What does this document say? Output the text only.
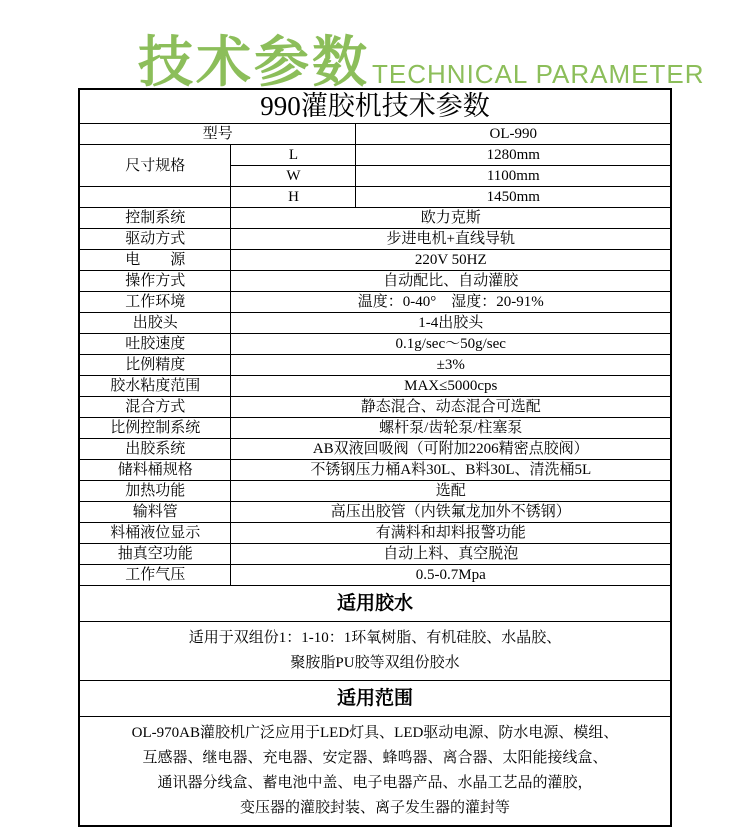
技术参数 TECHNICAL PARAMETER
990灌胶机技术参数		
型号		OL-990
尺寸规格	L	1280mm
	W	1100mm
	H	1450mm
控制系统	欧力克斯	
驱动方式	步进电机+直线导轨	
电　　源	220V 50HZ	
操作方式	自动配比、自动灌胶	
工作环境	温度：0-40°　湿度：20-91%	
出胶头	1-4出胶头	
吐胶速度	0.1g/sec～50g/sec	
比例精度	±3%	
胶水粘度范围	MAX≤5000cps	
混合方式	静态混合、动态混合可选配	
比例控制系统	螺杆泵/齿轮泵/柱塞泵	
出胶系统	AB双液回吸阀（可附加2206精密点胶阀）	
储料桶规格	不锈钢压力桶A料30L、B料30L、清洗桶5L	
加热功能	选配	
输料管	高压出胶管（内铁氟龙加外不锈钢）	
料桶液位显示	有满料和却料报警功能	
抽真空功能	自动上料、真空脱泡	
工作气压	0.5-0.7Mpa	
适用胶水		

适用于双组份1：1-10：1环氧树脂、有机硅胶、水晶胶、
聚胺脂PU胶等双组份胶水		

适用范围		

OL-970AB灌胶机广泛应用于LED灯具、LED驱动电源、防水电源、模组、
互感器、继电器、充电器、安定器、蜂鸣器、离合器、太阳能接线盒、
通讯器分线盒、蓄电池中盖、电子电器产品、水晶工艺品的灌胶，
变压器的灌胶封装、离子发生器的灌封等		
